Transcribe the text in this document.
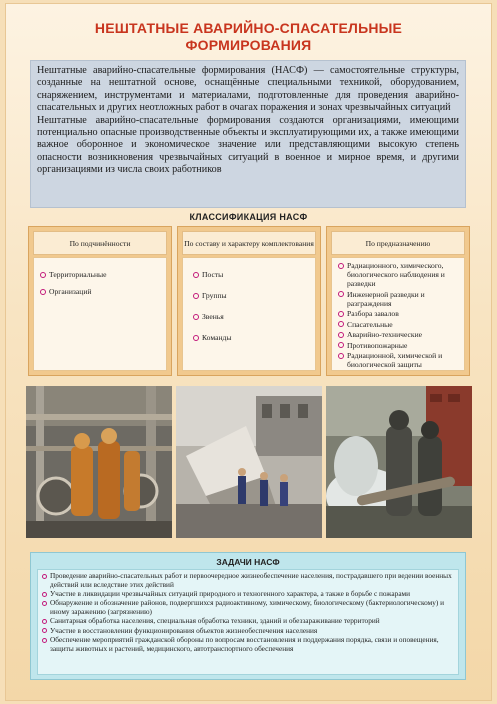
НЕШТАТНЫЕ АВАРИЙНО-СПАСАТЕЛЬНЫЕ
ФОРМИРОВАНИЯ

Нештатные аварийно-спасательные формирования (НАСФ) — самостоятельные структуры, созданные на нештатной основе, оснащённые специальными техникой, оборудованием, снаряжением, инструментами и материалами, подготовленные для проведения аварийно-спасательных и других неотложных работ в очагах поражения и зонах чрезвычайных ситуаций

Нештатные аварийно-спасательные формирования создаются организациями, имеющими потенциально опасные производственные объекты и эксплуатирующими их, а также имеющими важное оборонное и экономическое значение или представляющими высокую степень опасности возникновения чрезвычайных ситуаций в военное и мирное время, и другими организациями из числа своих работников

КЛАССИФИКАЦИЯ НАСФ
По подчинённости
Территориальные
Организаций
По составу и характеру комплектования
Посты
Группы
Звенья
Команды
По предназначению
Радиационного, химического, биологического наблюдения и разведки
Инженерной разведки и разграждения
Разбора завалов
Спасательные
Аварийно-технические
Противопожарные
Радиационной, химической и биологической защиты
ЗАДАЧИ НАСФ
Проведение аварийно-спасательных работ и первоочередное жизнеобеспечение населения, пострадавшего при ведении военных действий или вследствие этих действий
Участие в ликвидации чрезвычайных ситуаций природного и техногенного характера, а также в борьбе с пожарами
Обнаружение и обозначение районов, подвергшихся радиоактивному, химическому, биологическому (бактериологическому) и иному заражению (загрязнению)
Санитарная обработка населения, специальная обработка техники, зданий и обеззараживание территорий
Участие в восстановлении функционирования объектов жизнеобеспечения населения
Обеспечение мероприятий гражданской обороны по вопросам восстановления и поддержания порядка, связи и оповещения, защиты животных и растений, медицинского, автотранспортного обеспечения
